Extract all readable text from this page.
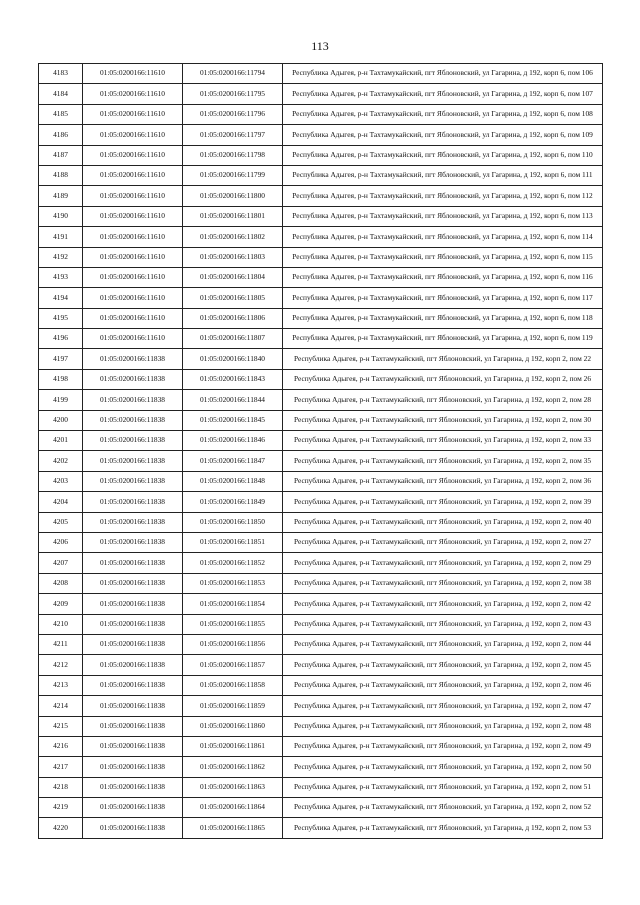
113
4183	01:05:0200166:11610	01:05:0200166:11794	Республика Адыгея, р-н Тахтамукайский, пгт Яблоновский, ул Гагарина, д 192, корп 6, пом 106
4184	01:05:0200166:11610	01:05:0200166:11795	Республика Адыгея, р-н Тахтамукайский, пгт Яблоновский, ул Гагарина, д 192, корп 6, пом 107
4185	01:05:0200166:11610	01:05:0200166:11796	Республика Адыгея, р-н Тахтамукайский, пгт Яблоновский, ул Гагарина, д 192, корп 6, пом 108
4186	01:05:0200166:11610	01:05:0200166:11797	Республика Адыгея, р-н Тахтамукайский, пгт Яблоновский, ул Гагарина, д 192, корп 6, пом 109
4187	01:05:0200166:11610	01:05:0200166:11798	Республика Адыгея, р-н Тахтамукайский, пгт Яблоновский, ул Гагарина, д 192, корп 6, пом 110
4188	01:05:0200166:11610	01:05:0200166:11799	Республика Адыгея, р-н Тахтамукайский, пгт Яблоновский, ул Гагарина, д 192, корп 6, пом 111
4189	01:05:0200166:11610	01:05:0200166:11800	Республика Адыгея, р-н Тахтамукайский, пгт Яблоновский, ул Гагарина, д 192, корп 6, пом 112
4190	01:05:0200166:11610	01:05:0200166:11801	Республика Адыгея, р-н Тахтамукайский, пгт Яблоновский, ул Гагарина, д 192, корп 6, пом 113
4191	01:05:0200166:11610	01:05:0200166:11802	Республика Адыгея, р-н Тахтамукайский, пгт Яблоновский, ул Гагарина, д 192, корп 6, пом 114
4192	01:05:0200166:11610	01:05:0200166:11803	Республика Адыгея, р-н Тахтамукайский, пгт Яблоновский, ул Гагарина, д 192, корп 6, пом 115
4193	01:05:0200166:11610	01:05:0200166:11804	Республика Адыгея, р-н Тахтамукайский, пгт Яблоновский, ул Гагарина, д 192, корп 6, пом 116
4194	01:05:0200166:11610	01:05:0200166:11805	Республика Адыгея, р-н Тахтамукайский, пгт Яблоновский, ул Гагарина, д 192, корп 6, пом 117
4195	01:05:0200166:11610	01:05:0200166:11806	Республика Адыгея, р-н Тахтамукайский, пгт Яблоновский, ул Гагарина, д 192, корп 6, пом 118
4196	01:05:0200166:11610	01:05:0200166:11807	Республика Адыгея, р-н Тахтамукайский, пгт Яблоновский, ул Гагарина, д 192, корп 6, пом 119
4197	01:05:0200166:11838	01:05:0200166:11840	Республика Адыгея, р-н Тахтамукайский, пгт Яблоновский, ул Гагарина, д 192, корп 2, пом 22
4198	01:05:0200166:11838	01:05:0200166:11843	Республика Адыгея, р-н Тахтамукайский, пгт Яблоновский, ул Гагарина, д 192, корп 2, пом 26
4199	01:05:0200166:11838	01:05:0200166:11844	Республика Адыгея, р-н Тахтамукайский, пгт Яблоновский, ул Гагарина, д 192, корп 2, пом 28
4200	01:05:0200166:11838	01:05:0200166:11845	Республика Адыгея, р-н Тахтамукайский, пгт Яблоновский, ул Гагарина, д 192, корп 2, пом 30
4201	01:05:0200166:11838	01:05:0200166:11846	Республика Адыгея, р-н Тахтамукайский, пгт Яблоновский, ул Гагарина, д 192, корп 2, пом 33
4202	01:05:0200166:11838	01:05:0200166:11847	Республика Адыгея, р-н Тахтамукайский, пгт Яблоновский, ул Гагарина, д 192, корп 2, пом 35
4203	01:05:0200166:11838	01:05:0200166:11848	Республика Адыгея, р-н Тахтамукайский, пгт Яблоновский, ул Гагарина, д 192, корп 2, пом 36
4204	01:05:0200166:11838	01:05:0200166:11849	Республика Адыгея, р-н Тахтамукайский, пгт Яблоновский, ул Гагарина, д 192, корп 2, пом 39
4205	01:05:0200166:11838	01:05:0200166:11850	Республика Адыгея, р-н Тахтамукайский, пгт Яблоновский, ул Гагарина, д 192, корп 2, пом 40
4206	01:05:0200166:11838	01:05:0200166:11851	Республика Адыгея, р-н Тахтамукайский, пгт Яблоновский, ул Гагарина, д 192, корп 2, пом 27
4207	01:05:0200166:11838	01:05:0200166:11852	Республика Адыгея, р-н Тахтамукайский, пгт Яблоновский, ул Гагарина, д 192, корп 2, пом 29
4208	01:05:0200166:11838	01:05:0200166:11853	Республика Адыгея, р-н Тахтамукайский, пгт Яблоновский, ул Гагарина, д 192, корп 2, пом 38
4209	01:05:0200166:11838	01:05:0200166:11854	Республика Адыгея, р-н Тахтамукайский, пгт Яблоновский, ул Гагарина, д 192, корп 2, пом 42
4210	01:05:0200166:11838	01:05:0200166:11855	Республика Адыгея, р-н Тахтамукайский, пгт Яблоновский, ул Гагарина, д 192, корп 2, пом 43
4211	01:05:0200166:11838	01:05:0200166:11856	Республика Адыгея, р-н Тахтамукайский, пгт Яблоновский, ул Гагарина, д 192, корп 2, пом 44
4212	01:05:0200166:11838	01:05:0200166:11857	Республика Адыгея, р-н Тахтамукайский, пгт Яблоновский, ул Гагарина, д 192, корп 2, пом 45
4213	01:05:0200166:11838	01:05:0200166:11858	Республика Адыгея, р-н Тахтамукайский, пгт Яблоновский, ул Гагарина, д 192, корп 2, пом 46
4214	01:05:0200166:11838	01:05:0200166:11859	Республика Адыгея, р-н Тахтамукайский, пгт Яблоновский, ул Гагарина, д 192, корп 2, пом 47
4215	01:05:0200166:11838	01:05:0200166:11860	Республика Адыгея, р-н Тахтамукайский, пгт Яблоновский, ул Гагарина, д 192, корп 2, пом 48
4216	01:05:0200166:11838	01:05:0200166:11861	Республика Адыгея, р-н Тахтамукайский, пгт Яблоновский, ул Гагарина, д 192, корп 2, пом 49
4217	01:05:0200166:11838	01:05:0200166:11862	Республика Адыгея, р-н Тахтамукайский, пгт Яблоновский, ул Гагарина, д 192, корп 2, пом 50
4218	01:05:0200166:11838	01:05:0200166:11863	Республика Адыгея, р-н Тахтамукайский, пгт Яблоновский, ул Гагарина, д 192, корп 2, пом 51
4219	01:05:0200166:11838	01:05:0200166:11864	Республика Адыгея, р-н Тахтамукайский, пгт Яблоновский, ул Гагарина, д 192, корп 2, пом 52
4220	01:05:0200166:11838	01:05:0200166:11865	Республика Адыгея, р-н Тахтамукайский, пгт Яблоновский, ул Гагарина, д 192, корп 2, пом 53
